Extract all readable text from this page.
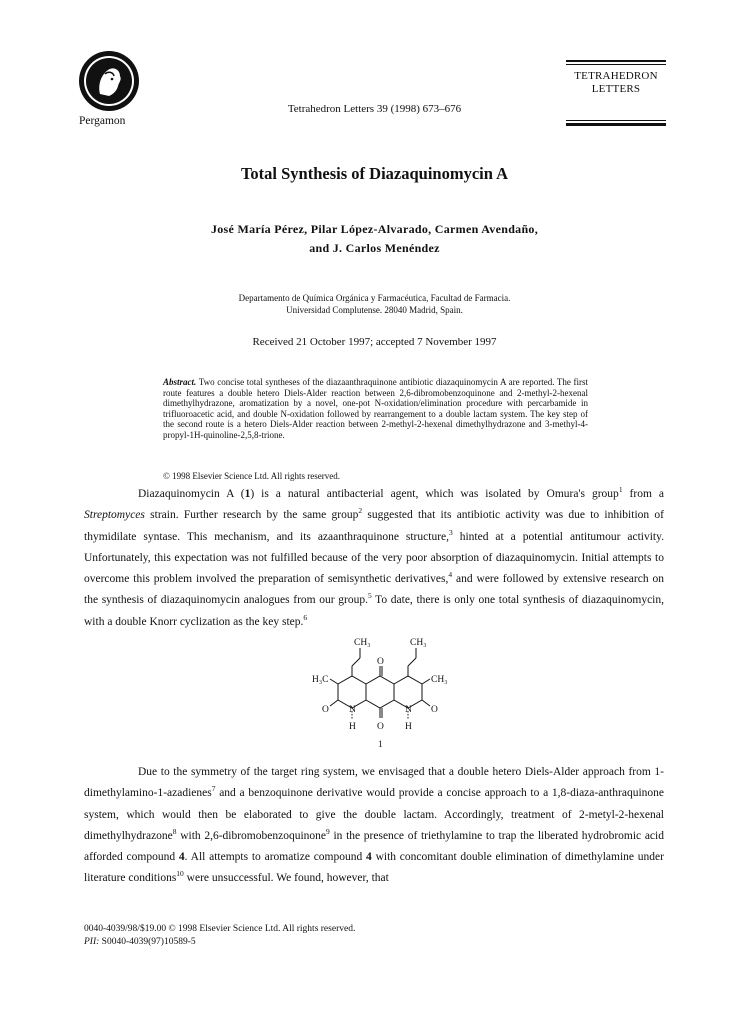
Pergamon
Tetrahedron Letters 39 (1998) 673–676
TETRAHEDRON
LETTERS
Total Synthesis of Diazaquinomycin A
José María Pérez, Pilar López-Alvarado, Carmen Avendaño,
and J. Carlos Menéndez
Departamento de Química Orgánica y Farmacéutica, Facultad de Farmacia.
Universidad Complutense. 28040 Madrid, Spain.
Received 21 October 1997; accepted 7 November 1997
Abstract. Two concise total syntheses of the diazaanthraquinone antibiotic diazaquinomycin A are reported. The first route features a double hetero Diels-Alder reaction between 2,6-dibromobenzoquinone and 2-methyl-2-hexenal dimethylhydrazone, aromatization by a novel, one-pot N-oxidation/elimination procedure with percarbamide in trifluoroacetic acid, and double N-oxidation followed by rearrangement to a double lactam system. The key step of the second route is a hetero Diels-Alder reaction between 2-methyl-2-hexenal dimethylhydrazone and 3-methyl-4-propyl-1H-quinoline-2,5,8-trione.
© 1998 Elsevier Science Ltd. All rights reserved.
Diazaquinomycin A (1) is a natural antibacterial agent, which was isolated by Omura's group$^1$ from a Streptomyces strain. Further research by the same group$^2$ suggested that its antibiotic activity was due to inhibition of thymidilate syntase. This mechanism, and its azaanthraquinone structure,$^3$ hinted at a potential antitumour activity. Unfortunately, this expectation was not fulfilled because of the very poor absorption of diazaquinomycin. Initial attempts to overcome this problem involved the preparation of semisynthetic derivatives,$^4$ and were followed by extensive research on the synthesis of diazaquinomycin analogues from our group.$^5$ To date, there is only one total synthesis of diazaquinomycin, with a double Knorr cyclization as the key step.$^6$
CH₃	CH₃
O
H₃C	CH₃
O	O
N	N
H O H
1
Due to the symmetry of the target ring system, we envisaged that a double hetero Diels-Alder approach from 1-dimethylamino-1-azadienes$^7$ and a benzoquinone derivative would provide a concise approach to a 1,8-diaza-anthraquinone system, which would then be elaborated to give the double lactam. Accordingly, treatment of 2-metyl-2-hexenal dimethylhydrazone$^8$ with 2,6-dibromobenzoquinone$^9$ in the presence of triethylamine to trap the liberated hydrobromic acid afforded compound 4. All attempts to aromatize compound 4 with concomitant double elimination of dimethylamine under literature conditions$^{10}$ were unsuccessful. We found, however, that
0040-4039/98/$19.00 © 1998 Elsevier Science Ltd. All rights reserved.
PII: S0040-4039(97)10589-5
